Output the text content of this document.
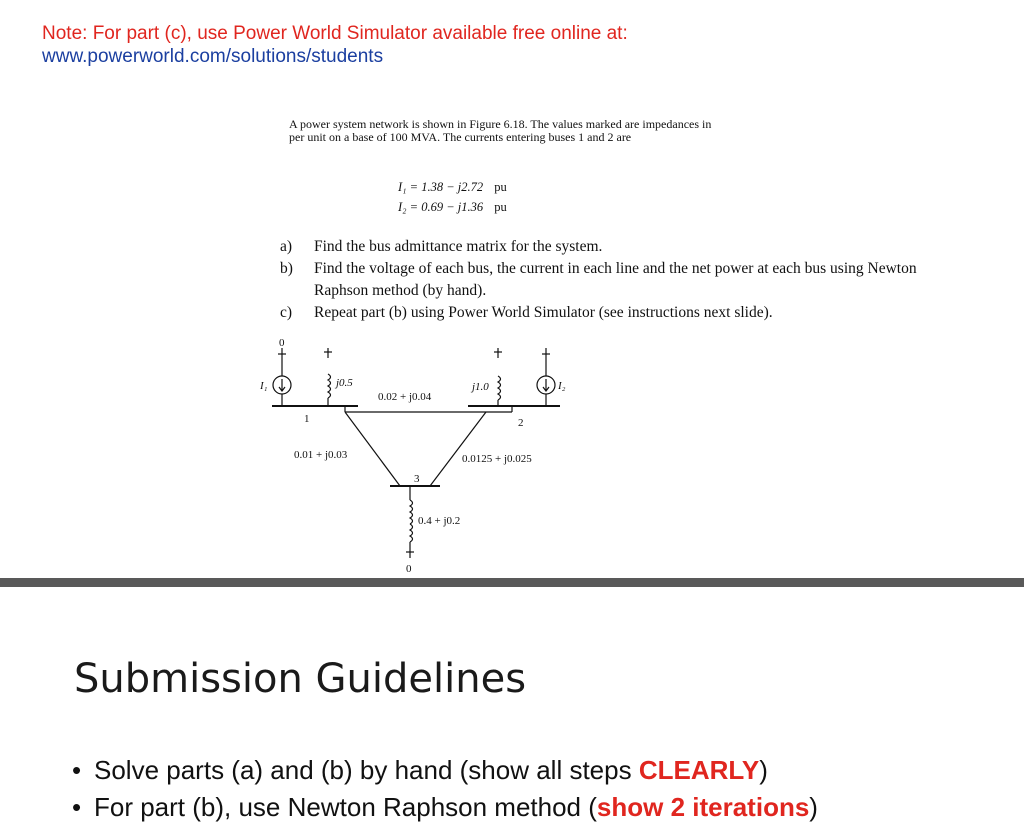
Note: For part (c), use Power World Simulator available free online at:
www.powerworld.com/solutions/students
A power system network is shown in Figure 6.18. The values marked are impedances in per unit on a base of 100 MVA. The currents entering buses 1 and 2 are
I₁ = 1.38 − j2.72 pu
I₂ = 0.69 − j1.36 pu
a)	Find the bus admittance matrix for the system.
b)	Find the voltage of each bus, the current in each line and the net power at each bus using Newton Raphson method (by hand).
c)	Repeat part (b) using Power World Simulator (see instructions next slide).
0
0
I₁	I₂
1	2
3
j0.5	j1.0
0.02 + j0.04
0.01 + j0.03	0.0125 + j0.025
0.4 + j0.2
Submission Guidelines
• Solve parts (a) and (b) by hand (show all steps CLEARLY)
• For part (b), use Newton Raphson method (show 2 iterations)
